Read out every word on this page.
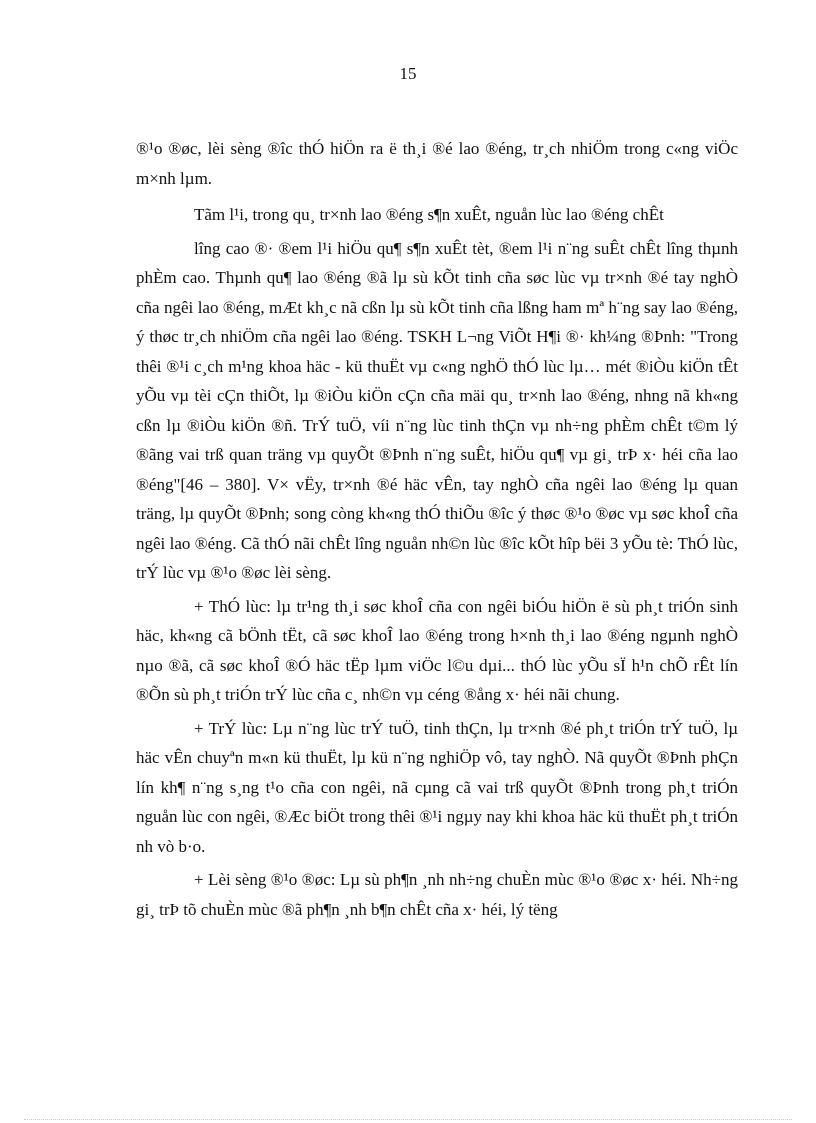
15

®¹o ®øc, lèi sèng ®îc thÓ hiÖn ra ë th¸i ®é lao ®éng, tr¸ch nhiÖm trong c«ng viÖc m×nh lµm.

Tãm l¹i, trong qu¸ tr×nh lao ®éng s¶n xuÊt, nguån lùc lao ®éng chÊt

lîng cao ®· ®em l¹i hiÖu qu¶ s¶n xuÊt tèt, ®em l¹i n¨ng suÊt chÊt lîng thµnh phÈm cao. Thµnh qu¶ lao ®éng ®ã lµ sù kÕt tinh cña søc lùc vµ tr×nh ®é tay nghÒ cña ngêi lao ®éng, mÆt kh¸c nã cßn lµ sù kÕt tinh cña lßng ham mª h¨ng say lao ®éng, ý thøc tr¸ch nhiÖm cña ngêi lao ®éng. TSKH L¬ng ViÕt H¶i ®· kh¼ng ®Þnh: "Trong thêi ®¹i c¸ch m¹ng khoa häc - kü thuËt vµ c«ng nghÖ thÓ lùc lµ… mét ®iÒu kiÖn tÊt yÕu vµ tèi cÇn thiÕt, lµ ®iÒu kiÖn cÇn cña mäi qu¸ tr×nh lao ®éng, nhng nã kh«ng cßn lµ ®iÒu kiÖn ®ñ. TrÝ tuÖ, víi n¨ng lùc tinh thÇn vµ nh÷ng phÈm chÊt t©m lý ®ãng vai trß quan träng vµ quyÕt ®Þnh n¨ng suÊt, hiÖu qu¶ vµ gi¸ trÞ x· héi cña lao ®éng"[46 – 380]. V× vËy, tr×nh ®é häc vÊn, tay nghÒ cña ngêi lao ®éng lµ quan träng, lµ quyÕt ®Þnh; song còng kh«ng thÓ thiÕu ®îc ý thøc ®¹o ®øc vµ søc khoÎ cña ngêi lao ®éng. Cã thÓ nãi chÊt lîng nguån nh©n lùc ®îc kÕt hîp bëi 3 yÕu tè: ThÓ lùc, trÝ lùc vµ ®¹o ®øc lèi sèng.

+ ThÓ lùc: lµ tr¹ng th¸i søc khoÎ cña con ngêi biÓu hiÖn ë sù ph¸t triÓn sinh häc, kh«ng cã bÖnh tËt, cã søc khoÎ lao ®éng trong h×nh th¸i lao ®éng ngµnh nghÒ nµo ®ã, cã søc khoÎ ®Ó häc tËp lµm viÖc l©u dµi... thÓ lùc yÕu sÏ h¹n chÕ rÊt lín ®Õn sù ph¸t triÓn trÝ lùc cña c¸ nh©n vµ céng ®ång x· héi nãi chung.

+ TrÝ lùc: Lµ n¨ng lùc trÝ tuÖ, tinh thÇn, lµ tr×nh ®é ph¸t triÓn trÝ tuÖ, lµ häc vÊn chuyªn m«n kü thuËt, lµ kü n¨ng nghiÖp vô, tay nghÒ. Nã quyÕt ®Þnh phÇn lín kh¶ n¨ng s¸ng t¹o cña con ngêi, nã cµng cã vai trß quyÕt ®Þnh trong ph¸t triÓn nguån lùc con ngêi, ®Æc biÖt trong thêi ®¹i ngµy nay khi khoa häc kü thuËt ph¸t triÓn nh vò b·o.

+ Lèi sèng ®¹o ®øc: Lµ sù ph¶n ¸nh nh÷ng chuÈn mùc ®¹o ®øc x· héi. Nh÷ng gi¸ trÞ tõ chuÈn mùc ®ã ph¶n ¸nh b¶n chÊt cña x· héi, lý tëng
